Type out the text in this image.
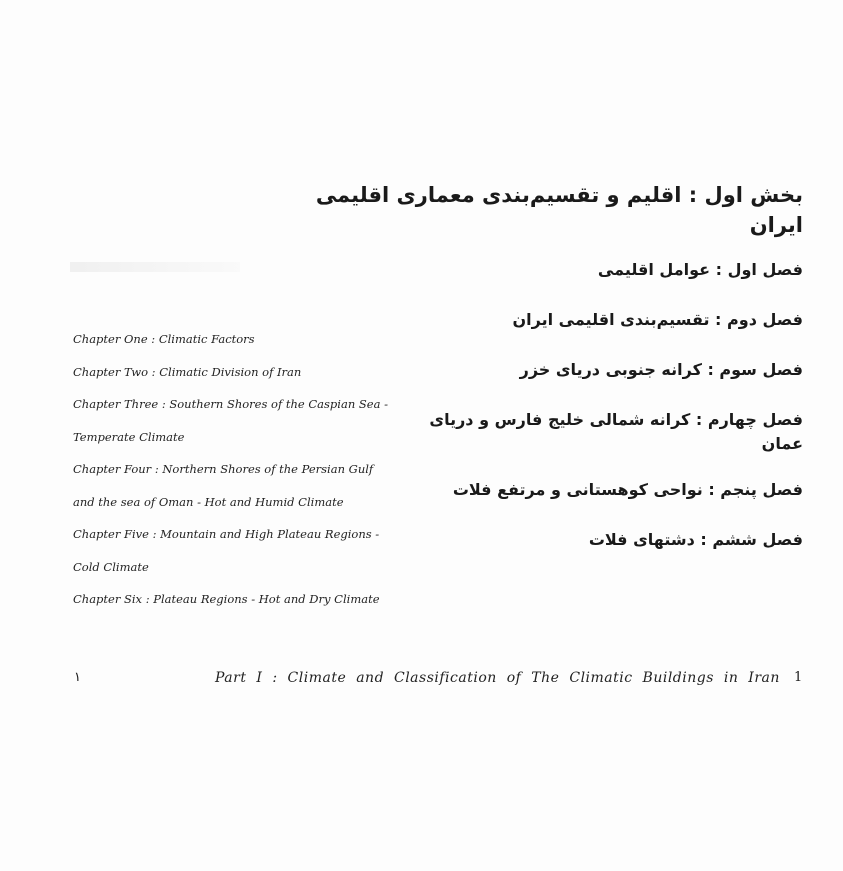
بخش اول : اقلیم و تقسیم‌بندی معماری اقلیمی ایران
فصل اول : عوامل اقلیمی
فصل دوم : تقسیم‌بندی اقلیمی ایران
فصل سوم : کرانه جنوبی دریای خزر
فصل چهارم : کرانه شمالی خلیج فارس و دریای عمان
فصل پنجم : نواحی کوهستانی و مرتفع فلات
فصل ششم : دشتهای فلات
Chapter One : Climatic Factors
Chapter Two : Climatic Division of Iran
Chapter Three : Southern Shores of the Caspian Sea -
Temperate Climate
Chapter Four : Northern Shores of the Persian Gulf
and the sea of Oman - Hot and Humid Climate
Chapter Five : Mountain and High Plateau Regions -
Cold Climate
Chapter Six : Plateau Regions - Hot and Dry Climate
۱	Part I : Climate and Classification of The Climatic Buildings in Iran 1
